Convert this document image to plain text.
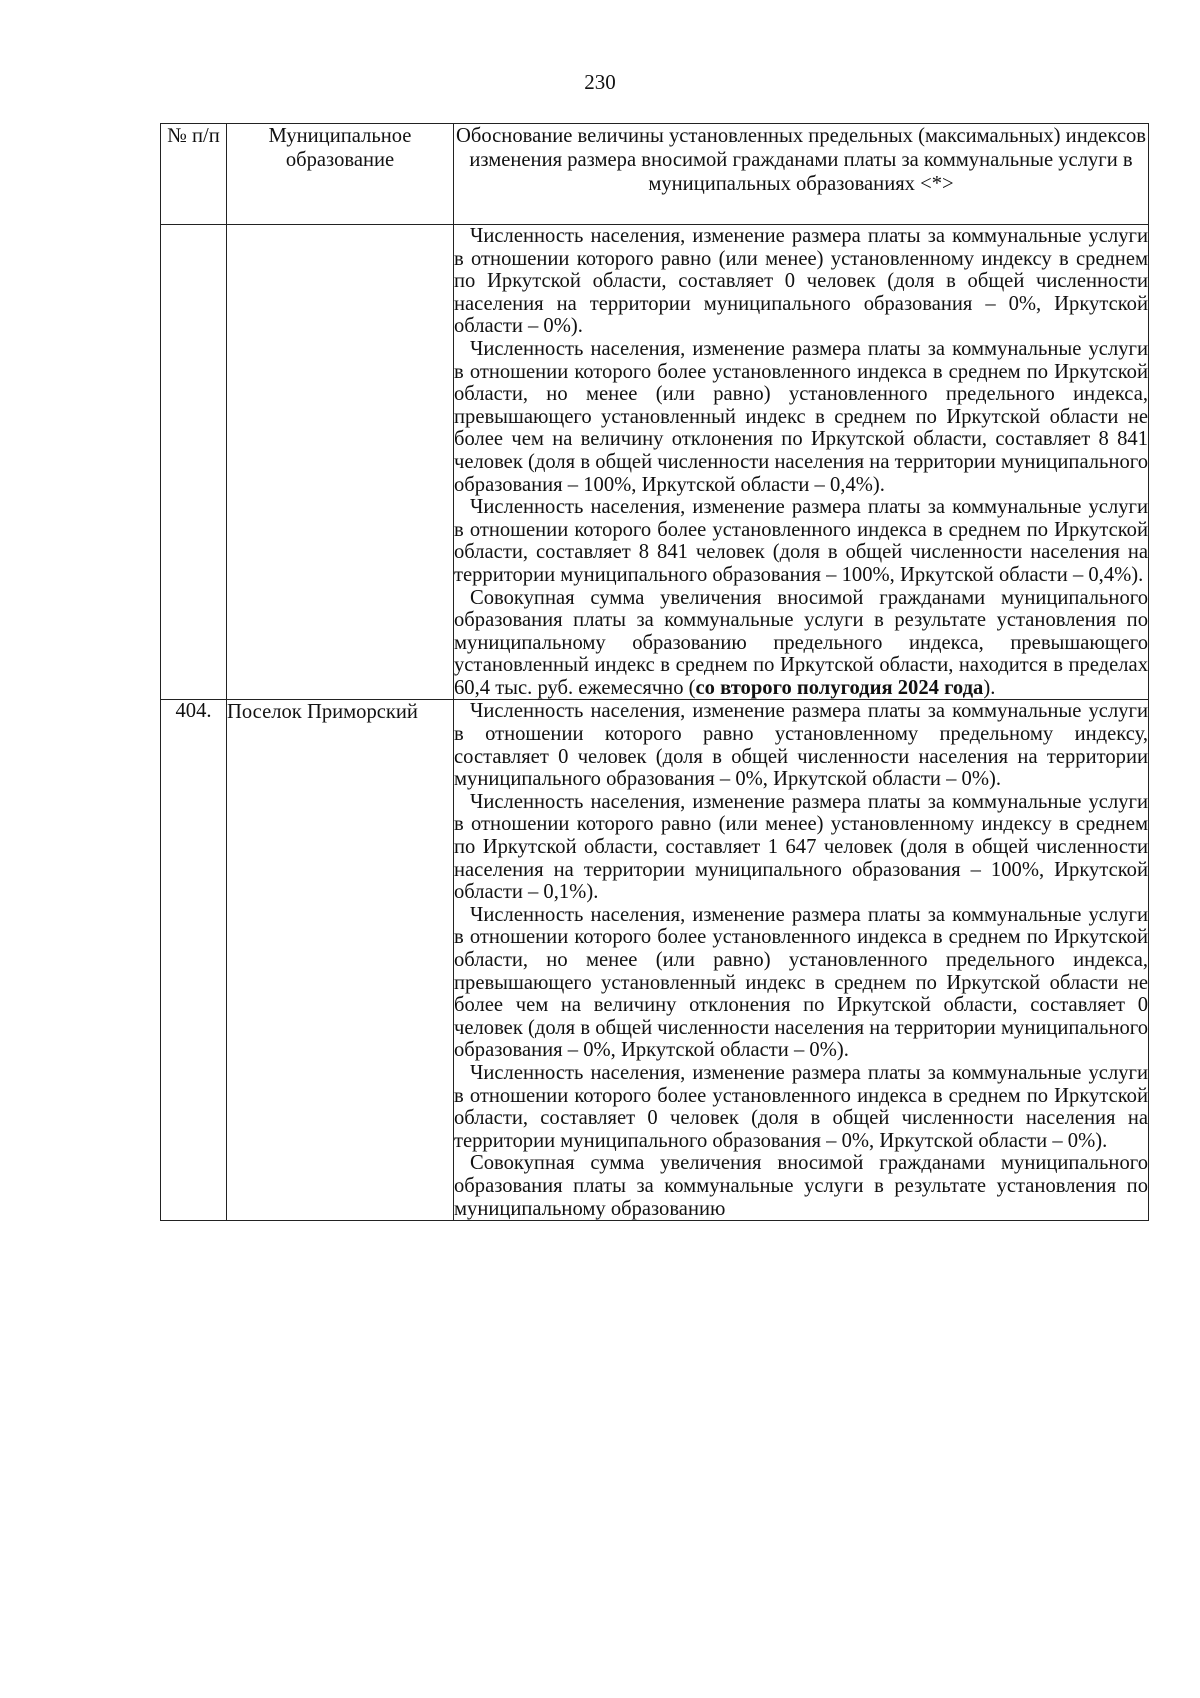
230
№ п/п	Муниципальное образование	Обоснование величины установленных предельных (максимальных) индексов изменения размера вносимой гражданами платы за коммунальные услуги в муниципальных образованиях <*>

		Численность населения, изменение размера платы за коммунальные услуги в отношении которого равно (или менее) установленному индексу в среднем по Иркутской области, составляет 0 человек (доля в общей численности населения на территории муниципального образования – 0%, Иркутской области – 0%).

Численность населения, изменение размера платы за коммунальные услуги в отношении которого более установленного индекса в среднем по Иркутской области, но менее (или равно) установленного предельного индекса, превышающего установленный индекс в среднем по Иркутской области не более чем на величину отклонения по Иркутской области, составляет 8 841 человек (доля в общей численности населения на территории муниципального образования – 100%, Иркутской области – 0,4%).

Численность населения, изменение размера платы за коммунальные услуги в отношении которого более установленного индекса в среднем по Иркутской области, составляет 8 841 человек (доля в общей численности населения на территории муниципального образования – 100%, Иркутской области – 0,4%).

Совокупная сумма увеличения вносимой гражданами муниципального образования платы за коммунальные услуги в результате установления по муниципальному образованию предельного индекса, превышающего установленный индекс в среднем по Иркутской области, находится в пределах 60,4 тыс. руб. ежемесячно (со второго полугодия 2024 года).

404.	Поселок Приморский	Численность населения, изменение размера платы за коммунальные услуги в отношении которого равно установленному предельному индексу, составляет 0 человек (доля в общей численности населения на территории муниципального образования – 0%, Иркутской области – 0%).

Численность населения, изменение размера платы за коммунальные услуги в отношении которого равно (или менее) установленному индексу в среднем по Иркутской области, составляет 1 647 человек (доля в общей численности населения на территории муниципального образования – 100%, Иркутской области – 0,1%).

Численность населения, изменение размера платы за коммунальные услуги в отношении которого более установленного индекса в среднем по Иркутской области, но менее (или равно) установленного предельного индекса, превышающего установленный индекс в среднем по Иркутской области не более чем на величину отклонения по Иркутской области, составляет 0 человек (доля в общей численности населения на территории муниципального образования – 0%, Иркутской области – 0%).

Численность населения, изменение размера платы за коммунальные услуги в отношении которого более установленного индекса в среднем по Иркутской области, составляет 0 человек (доля в общей численности населения на территории муниципального образования – 0%, Иркутской области – 0%).

Совокупная сумма увеличения вносимой гражданами муниципального образования платы за коммунальные услуги в результате установления по муниципальному образованию
